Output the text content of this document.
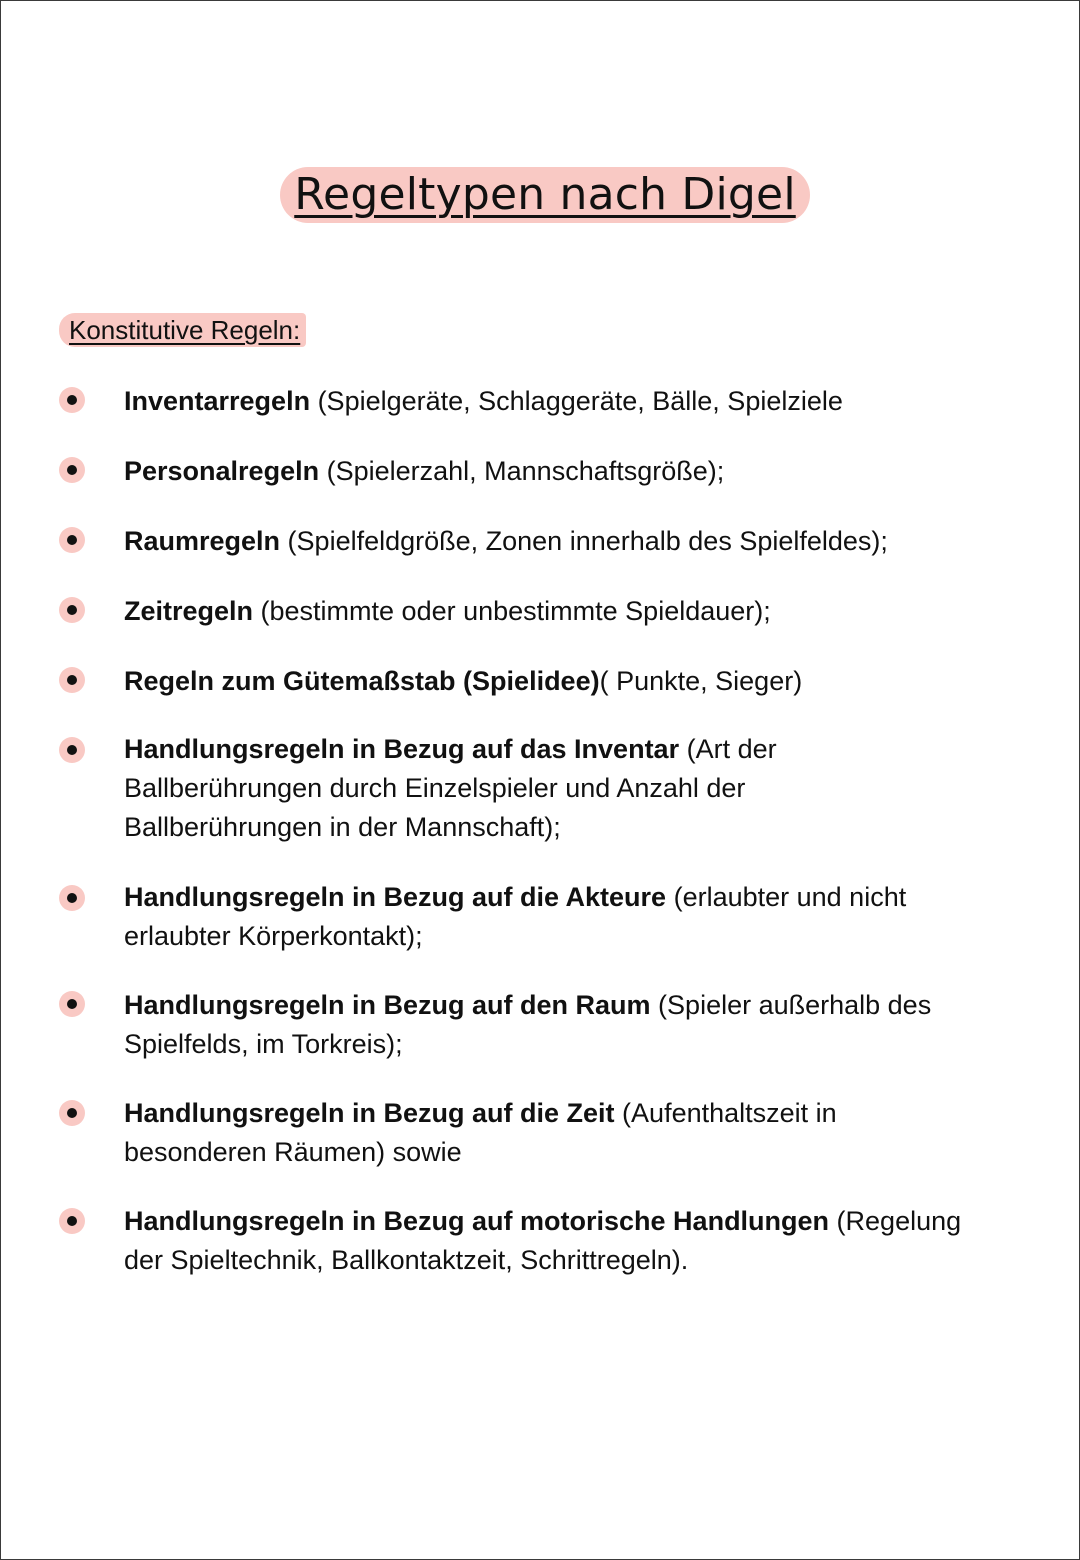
Regeltypen nach Digel
Konstitutive Regeln:
Inventarregeln (Spielgeräte, Schlaggeräte, Bälle, Spielziele
Personalregeln (Spielerzahl, Mannschaftsgröße);
Raumregeln (Spielfeldgröße, Zonen innerhalb des Spielfeldes);
Zeitregeln (bestimmte oder unbestimmte Spieldauer);
Regeln zum Gütemaßstab (Spielidee)( Punkte, Sieger)
Handlungsregeln in Bezug auf das Inventar (Art der Ballberührungen durch Einzelspieler und Anzahl der Ballberührungen in der Mannschaft);
Handlungsregeln in Bezug auf die Akteure (erlaubter und nicht erlaubter Körperkontakt);
Handlungsregeln in Bezug auf den Raum (Spieler außerhalb des Spielfelds, im Torkreis);
Handlungsregeln in Bezug auf die Zeit (Aufenthaltszeit in besonderen Räumen) sowie
Handlungsregeln in Bezug auf motorische Handlungen (Regelung der Spieltechnik, Ballkontaktzeit, Schrittregeln).
